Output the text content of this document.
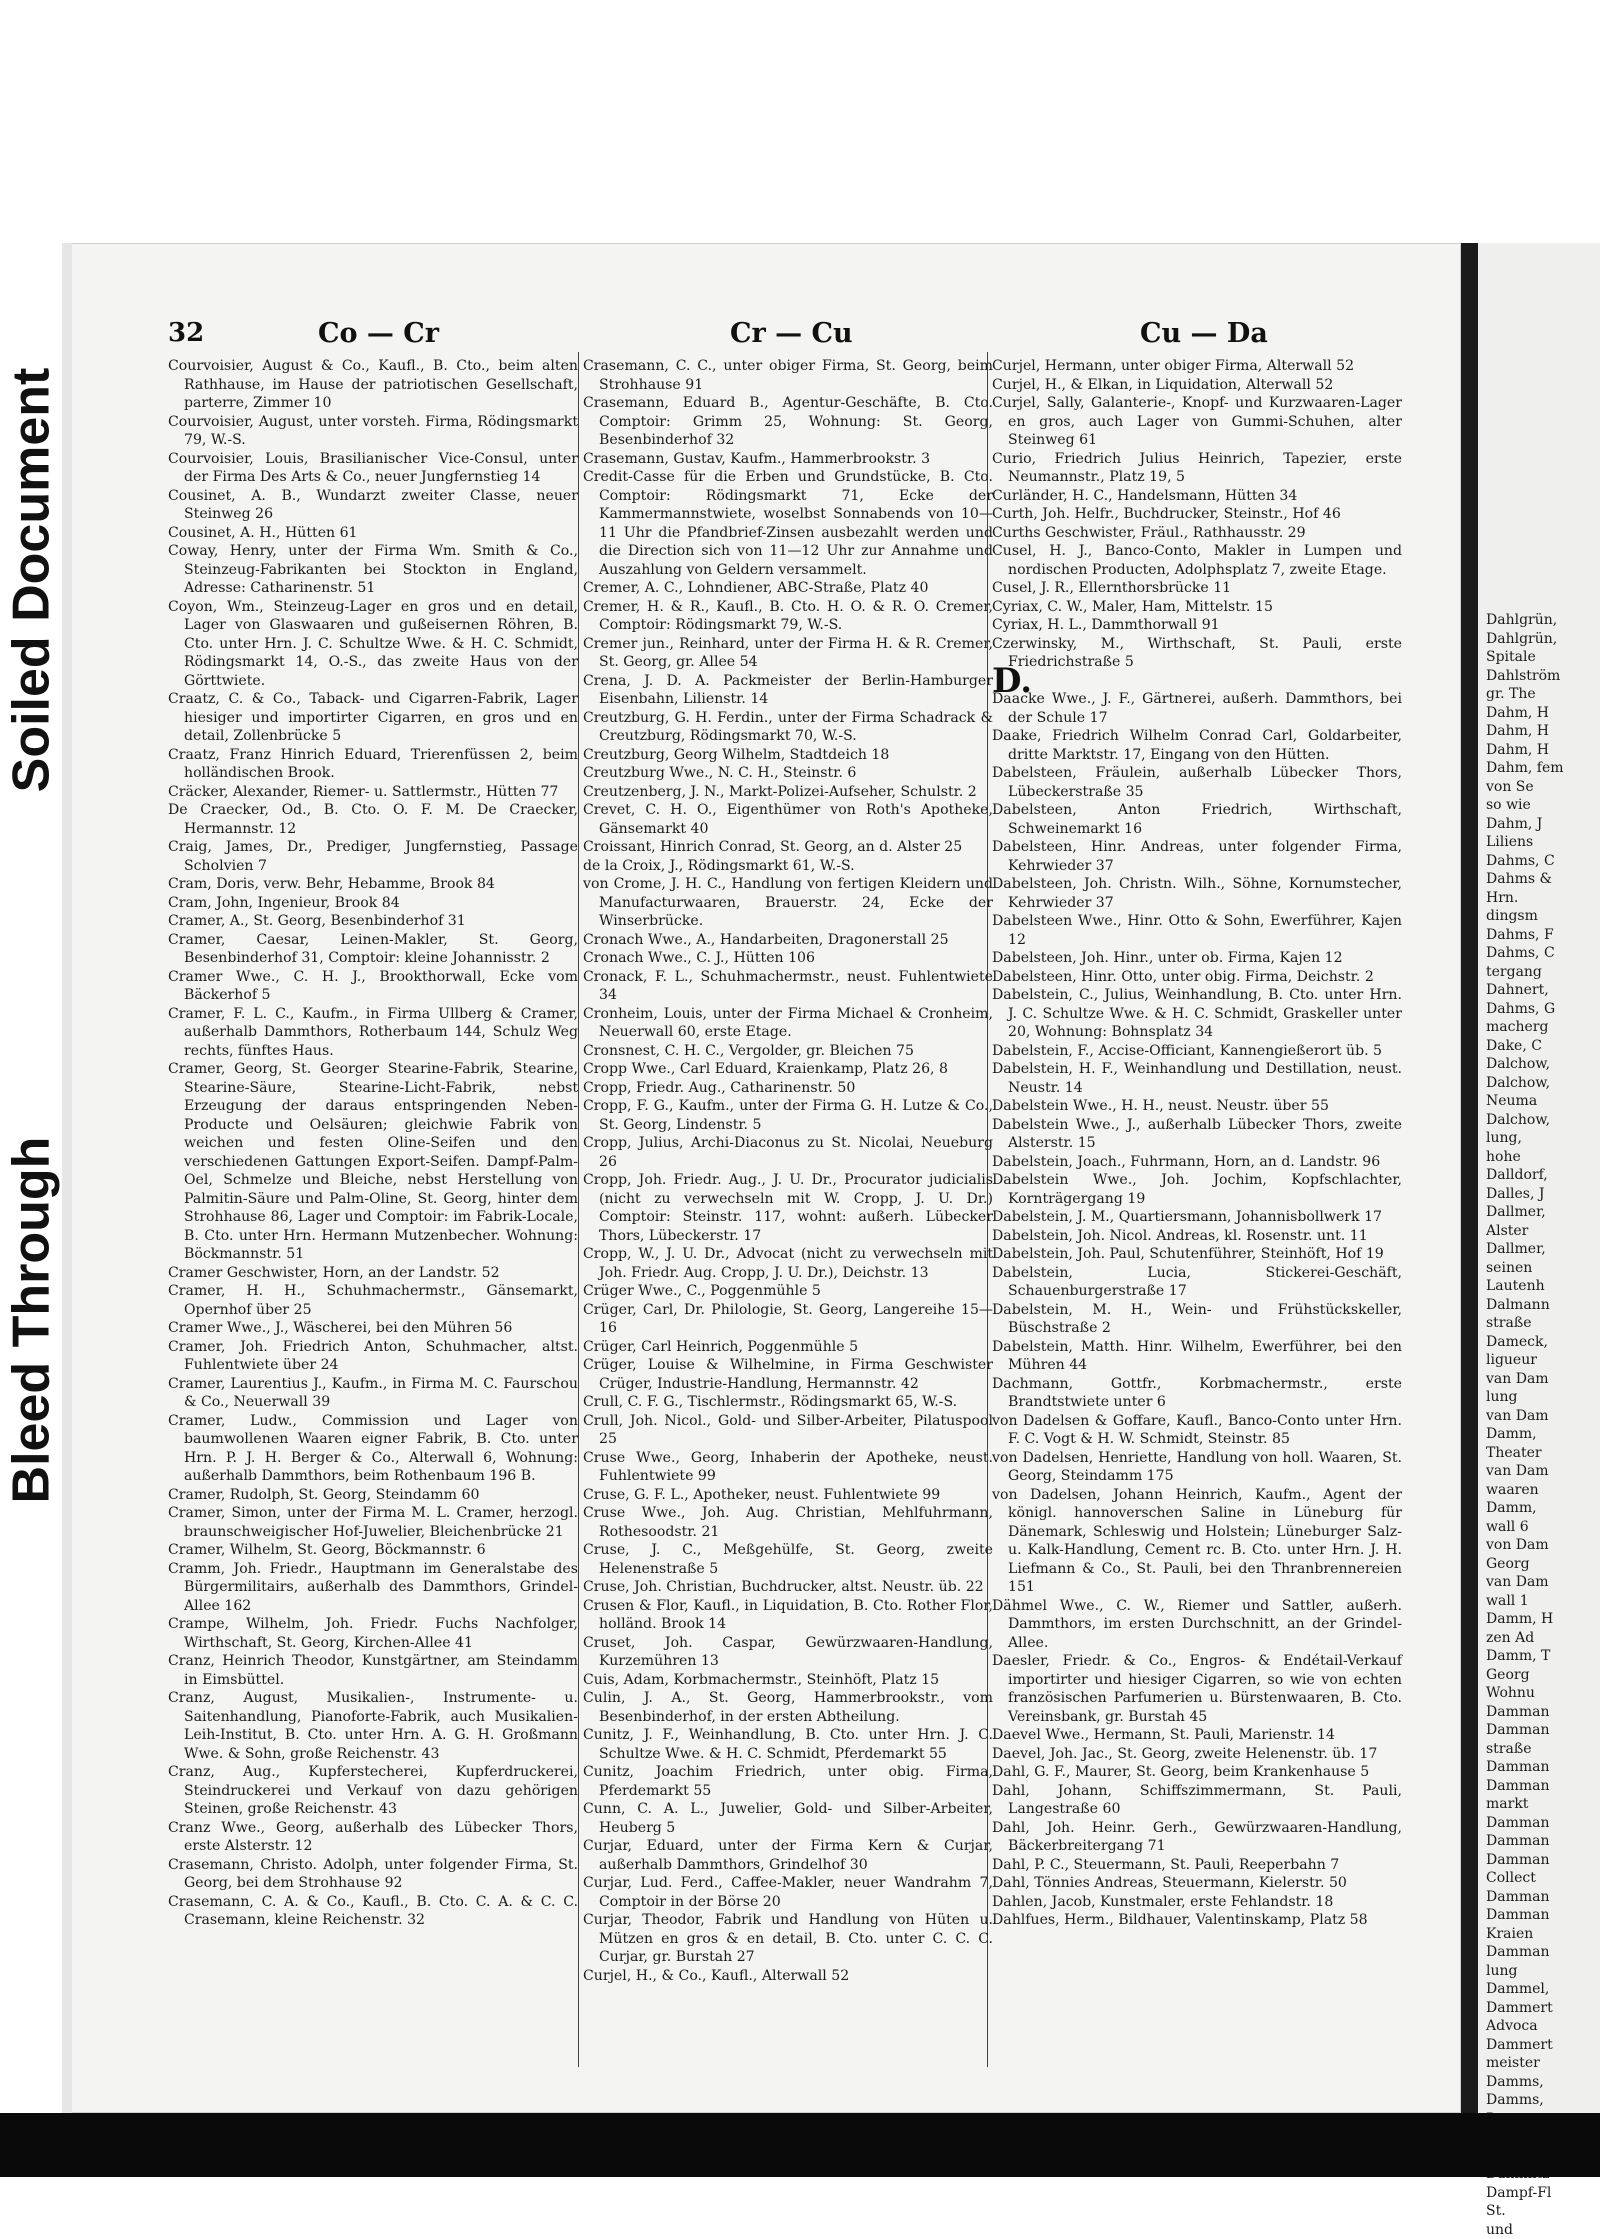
Soiled Document
Bleed Through
Dahlgrün,
Dahlgrün,
Spitale
Dahlström
gr. The
Dahm, H
Dahm, H
Dahm, H
Dahm, fem
von Se
so wie
Dahm, J
Liliens
Dahms, C
Dahms &
Hrn.
dingsm
Dahms, F
Dahms, C
tergang
Dahnert,
Dahms, G
macherg
Dake, C
Dalchow,
Dalchow,
Neuma
Dalchow,
lung,
hohe
Dalldorf,
Dalles, J
Dallmer,
Alster
Dallmer,
seinen
Lautenh
Dalmann
straße
Dameck,
ligueur
van Dam
lung
van Dam
Damm,
Theater
van Dam
waaren
Damm,
wall 6
von Dam
Georg
van Dam
wall 1
Damm, H
zen Ad
Damm, T
Georg
Wohnu
Damman
Damman
straße
Damman
Damman
markt
Damman
Damman
Damman
Collect
Damman
Damman
Kraien
Damman
lung
Dammel,
Dammert
Advoca
Dammert
meister
Damms,
Damms,
Dampf-Fl
St.
und
32	Co — Cr	Cr — Cu	Cu — Da

Courvoisier, August & Co., Kaufl., B. Cto., beim alten Rathhause, im Hause der patriotischen Gesellschaft, parterre, Zimmer 10

Courvoisier, August, unter vorsteh. Firma, Rödingsmarkt 79, W.-S.

Courvoisier, Louis, Brasilianischer Vice-Consul, unter der Firma Des Arts & Co., neuer Jungfernstieg 14

Cousinet, A. B., Wundarzt zweiter Classe, neuer Steinweg 26

Cousinet, A. H., Hütten 61

Coway, Henry, unter der Firma Wm. Smith & Co., Steinzeug-Fabrikanten bei Stockton in England, Adresse: Catharinenstr. 51

Coyon, Wm., Steinzeug-Lager en gros und en detail, Lager von Glaswaaren und gußeisernen Röhren, B. Cto. unter Hrn. J. C. Schultze Wwe. & H. C. Schmidt, Rödingsmarkt 14, O.-S., das zweite Haus von der Görttwiete.

Craatz, C. & Co., Taback- und Cigarren-Fabrik, Lager hiesiger und importirter Cigarren, en gros und en detail, Zollenbrücke 5

Craatz, Franz Hinrich Eduard, Trierenfüssen 2, beim holländischen Brook.

Cräcker, Alexander, Riemer- u. Sattlermstr., Hütten 77

De Craecker, Od., B. Cto. O. F. M. De Craecker, Hermannstr. 12

Craig, James, Dr., Prediger, Jungfernstieg, Passage Scholvien 7

Cram, Doris, verw. Behr, Hebamme, Brook 84

Cram, John, Ingenieur, Brook 84

Cramer, A., St. Georg, Besenbinderhof 31

Cramer, Caesar, Leinen-Makler, St. Georg, Besenbinderhof 31, Comptoir: kleine Johannisstr. 2

Cramer Wwe., C. H. J., Brookthorwall, Ecke vom Bäckerhof 5

Cramer, F. L. C., Kaufm., in Firma Ullberg & Cramer, außerhalb Dammthors, Rotherbaum 144, Schulz Weg rechts, fünftes Haus.

Cramer, Georg, St. Georger Stearine-Fabrik, Stearine, Stearine-Säure, Stearine-Licht-Fabrik, nebst Erzeugung der daraus entspringenden Neben-Producte und Oelsäuren; gleichwie Fabrik von weichen und festen Oline-Seifen und den verschiedenen Gattungen Export-Seifen. Dampf-Palm-Oel, Schmelze und Bleiche, nebst Herstellung von Palmitin-Säure und Palm-Oline, St. Georg, hinter dem Strohhause 86, Lager und Comptoir: im Fabrik-Locale, B. Cto. unter Hrn. Hermann Mutzenbecher. Wohnung: Böckmannstr. 51

Cramer Geschwister, Horn, an der Landstr. 52

Cramer, H. H., Schuhmachermstr., Gänsemarkt, Opernhof über 25

Cramer Wwe., J., Wäscherei, bei den Mühren 56

Cramer, Joh. Friedrich Anton, Schuhmacher, altst. Fuhlentwiete über 24

Cramer, Laurentius J., Kaufm., in Firma M. C. Faurschou & Co., Neuerwall 39

Cramer, Ludw., Commission und Lager von baumwollenen Waaren eigner Fabrik, B. Cto. unter Hrn. P. J. H. Berger & Co., Alterwall 6, Wohnung: außerhalb Dammthors, beim Rothenbaum 196 B.

Cramer, Rudolph, St. Georg, Steindamm 60

Cramer, Simon, unter der Firma M. L. Cramer, herzogl. braunschweigischer Hof-Juwelier, Bleichenbrücke 21

Cramer, Wilhelm, St. Georg, Böckmannstr. 6

Cramm, Joh. Friedr., Hauptmann im Generalstabe des Bürgermilitairs, außerhalb des Dammthors, Grindel-Allee 162

Crampe, Wilhelm, Joh. Friedr. Fuchs Nachfolger, Wirthschaft, St. Georg, Kirchen-Allee 41

Cranz, Heinrich Theodor, Kunstgärtner, am Steindamm in Eimsbüttel.

Cranz, August, Musikalien-, Instrumente- u. Saitenhandlung, Pianoforte-Fabrik, auch Musikalien-Leih-Institut, B. Cto. unter Hrn. A. G. H. Großmann Wwe. & Sohn, große Reichenstr. 43

Cranz, Aug., Kupferstecherei, Kupferdruckerei, Steindruckerei und Verkauf von dazu gehörigen Steinen, große Reichenstr. 43

Cranz Wwe., Georg, außerhalb des Lübecker Thors, erste Alsterstr. 12

Crasemann, Christo. Adolph, unter folgender Firma, St. Georg, bei dem Strohhause 92

Crasemann, C. A. & Co., Kaufl., B. Cto. C. A. & C. C. Crasemann, kleine Reichenstr. 32

Crasemann, C. C., unter obiger Firma, St. Georg, beim Strohhause 91

Crasemann, Eduard B., Agentur-Geschäfte, B. Cto. Comptoir: Grimm 25, Wohnung: St. Georg, Besenbinderhof 32

Crasemann, Gustav, Kaufm., Hammerbrookstr. 3

Credit-Casse für die Erben und Grundstücke, B. Cto. Comptoir: Rödingsmarkt 71, Ecke der Kammermannstwiete, woselbst Sonnabends von 10—11 Uhr die Pfandbrief-Zinsen ausbezahlt werden und die Direction sich von 11—12 Uhr zur Annahme und Auszahlung von Geldern versammelt.

Cremer, A. C., Lohndiener, ABC-Straße, Platz 40

Cremer, H. & R., Kaufl., B. Cto. H. O. & R. O. Cremer, Comptoir: Rödingsmarkt 79, W.-S.

Cremer jun., Reinhard, unter der Firma H. & R. Cremer, St. Georg, gr. Allee 54

Crena, J. D. A. Packmeister der Berlin-Hamburger Eisenbahn, Lilienstr. 14

Creutzburg, G. H. Ferdin., unter der Firma Schadrack & Creutzburg, Rödingsmarkt 70, W.-S.

Creutzburg, Georg Wilhelm, Stadtdeich 18

Creutzburg Wwe., N. C. H., Steinstr. 6

Creutzenberg, J. N., Markt-Polizei-Aufseher, Schulstr. 2

Crevet, C. H. O., Eigenthümer von Roth's Apotheke, Gänsemarkt 40

Croissant, Hinrich Conrad, St. Georg, an d. Alster 25

de la Croix, J., Rödingsmarkt 61, W.-S.

von Crome, J. H. C., Handlung von fertigen Kleidern und Manufacturwaaren, Brauerstr. 24, Ecke der Winserbrücke.

Cronach Wwe., A., Handarbeiten, Dragonerstall 25

Cronach Wwe., C. J., Hütten 106

Cronack, F. L., Schuhmachermstr., neust. Fuhlentwiete 34

Cronheim, Louis, unter der Firma Michael & Cronheim, Neuerwall 60, erste Etage.

Cronsnest, C. H. C., Vergolder, gr. Bleichen 75

Cropp Wwe., Carl Eduard, Kraienkamp, Platz 26, 8

Cropp, Friedr. Aug., Catharinenstr. 50

Cropp, F. G., Kaufm., unter der Firma G. H. Lutze & Co., St. Georg, Lindenstr. 5

Cropp, Julius, Archi-Diaconus zu St. Nicolai, Neueburg 26

Cropp, Joh. Friedr. Aug., J. U. Dr., Procurator judicialis (nicht zu verwechseln mit W. Cropp, J. U. Dr.) Comptoir: Steinstr. 117, wohnt: außerh. Lübecker Thors, Lübeckerstr. 17

Cropp, W., J. U. Dr., Advocat (nicht zu verwechseln mit Joh. Friedr. Aug. Cropp, J. U. Dr.), Deichstr. 13

Crüger Wwe., C., Poggenmühle 5

Crüger, Carl, Dr. Philologie, St. Georg, Langereihe 15—16

Crüger, Carl Heinrich, Poggenmühle 5

Crüger, Louise & Wilhelmine, in Firma Geschwister Crüger, Industrie-Handlung, Hermannstr. 42

Crull, C. F. G., Tischlermstr., Rödingsmarkt 65, W.-S.

Crull, Joh. Nicol., Gold- und Silber-Arbeiter, Pilatuspool 25

Cruse Wwe., Georg, Inhaberin der Apotheke, neust. Fuhlentwiete 99

Cruse, G. F. L., Apotheker, neust. Fuhlentwiete 99

Cruse Wwe., Joh. Aug. Christian, Mehlfuhrmann, Rothesoodstr. 21

Cruse, J. C., Meßgehülfe, St. Georg, zweite Helenenstraße 5

Cruse, Joh. Christian, Buchdrucker, altst. Neustr. üb. 22

Crusen & Flor, Kaufl., in Liquidation, B. Cto. Rother Flor, holländ. Brook 14

Cruset, Joh. Caspar, Gewürzwaaren-Handlung, Kurzemühren 13

Cuis, Adam, Korbmachermstr., Steinhöft, Platz 15

Culin, J. A., St. Georg, Hammerbrookstr., vom Besenbinderhof, in der ersten Abtheilung.

Cunitz, J. F., Weinhandlung, B. Cto. unter Hrn. J. C. Schultze Wwe. & H. C. Schmidt, Pferdemarkt 55

Cunitz, Joachim Friedrich, unter obig. Firma, Pferdemarkt 55

Cunn, C. A. L., Juwelier, Gold- und Silber-Arbeiter, Heuberg 5

Curjar, Eduard, unter der Firma Kern & Curjar, außerhalb Dammthors, Grindelhof 30

Curjar, Lud. Ferd., Caffee-Makler, neuer Wandrahm 7, Comptoir in der Börse 20

Curjar, Theodor, Fabrik und Handlung von Hüten u. Mützen en gros & en detail, B. Cto. unter C. C. C. Curjar, gr. Burstah 27

Curjel, H., & Co., Kaufl., Alterwall 52

Curjel, Hermann, unter obiger Firma, Alterwall 52

Curjel, H., & Elkan, in Liquidation, Alterwall 52

Curjel, Sally, Galanterie-, Knopf- und Kurzwaaren-Lager en gros, auch Lager von Gummi-Schuhen, alter Steinweg 61

Curio, Friedrich Julius Heinrich, Tapezier, erste Neumannstr., Platz 19, 5

Curländer, H. C., Handelsmann, Hütten 34

Curth, Joh. Helfr., Buchdrucker, Steinstr., Hof 46

Curths Geschwister, Fräul., Rathhausstr. 29

Cusel, H. J., Banco-Conto, Makler in Lumpen und nordischen Producten, Adolphsplatz 7, zweite Etage.

Cusel, J. R., Ellernthorsbrücke 11

Cyriax, C. W., Maler, Ham, Mittelstr. 15

Cyriax, H. L., Dammthorwall 91

Czerwinsky, M., Wirthschaft, St. Pauli, erste Friedrichstraße 5

D.

Daacke Wwe., J. F., Gärtnerei, außerh. Dammthors, bei der Schule 17

Daake, Friedrich Wilhelm Conrad Carl, Goldarbeiter, dritte Marktstr. 17, Eingang von den Hütten.

Dabelsteen, Fräulein, außerhalb Lübecker Thors, Lübeckerstraße 35

Dabelsteen, Anton Friedrich, Wirthschaft, Schweinemarkt 16

Dabelsteen, Hinr. Andreas, unter folgender Firma, Kehrwieder 37

Dabelsteen, Joh. Christn. Wilh., Söhne, Kornumstecher, Kehrwieder 37

Dabelsteen Wwe., Hinr. Otto & Sohn, Ewerführer, Kajen 12

Dabelsteen, Joh. Hinr., unter ob. Firma, Kajen 12

Dabelsteen, Hinr. Otto, unter obig. Firma, Deichstr. 2

Dabelstein, C., Julius, Weinhandlung, B. Cto. unter Hrn. J. C. Schultze Wwe. & H. C. Schmidt, Graskeller unter 20, Wohnung: Bohnsplatz 34

Dabelstein, F., Accise-Officiant, Kannengießerort üb. 5

Dabelstein, H. F., Weinhandlung und Destillation, neust. Neustr. 14

Dabelstein Wwe., H. H., neust. Neustr. über 55

Dabelstein Wwe., J., außerhalb Lübecker Thors, zweite Alsterstr. 15

Dabelstein, Joach., Fuhrmann, Horn, an d. Landstr. 96

Dabelstein Wwe., Joh. Jochim, Kopfschlachter, Kornträgergang 19

Dabelstein, J. M., Quartiersmann, Johannisbollwerk 17

Dabelstein, Joh. Nicol. Andreas, kl. Rosenstr. unt. 11

Dabelstein, Joh. Paul, Schutenführer, Steinhöft, Hof 19

Dabelstein, Lucia, Stickerei-Geschäft, Schauenburgerstraße 17

Dabelstein, M. H., Wein- und Frühstückskeller, Büschstraße 2

Dabelstein, Matth. Hinr. Wilhelm, Ewerführer, bei den Mühren 44

Dachmann, Gottfr., Korbmachermstr., erste Brandtstwiete unter 6

von Dadelsen & Goffare, Kaufl., Banco-Conto unter Hrn. F. C. Vogt & H. W. Schmidt, Steinstr. 85

von Dadelsen, Henriette, Handlung von holl. Waaren, St. Georg, Steindamm 175

von Dadelsen, Johann Heinrich, Kaufm., Agent der königl. hannoverschen Saline in Lüneburg für Dänemark, Schleswig und Holstein; Lüneburger Salz- u. Kalk-Handlung, Cement rc. B. Cto. unter Hrn. J. H. Liefmann & Co., St. Pauli, bei den Thranbrennereien 151

Dähmel Wwe., C. W., Riemer und Sattler, außerh. Dammthors, im ersten Durchschnitt, an der Grindel-Allee.

Daesler, Friedr. & Co., Engros- & Endétail-Verkauf importirter und hiesiger Cigarren, so wie von echten französischen Parfumerien u. Bürstenwaaren, B. Cto. Vereinsbank, gr. Burstah 45

Daevel Wwe., Hermann, St. Pauli, Marienstr. 14

Daevel, Joh. Jac., St. Georg, zweite Helenenstr. üb. 17

Dahl, G. F., Maurer, St. Georg, beim Krankenhause 5

Dahl, Johann, Schiffszimmermann, St. Pauli, Langestraße 60

Dahl, Joh. Heinr. Gerh., Gewürzwaaren-Handlung, Bäckerbreitergang 71

Dahl, P. C., Steuermann, St. Pauli, Reeperbahn 7

Dahl, Tönnies Andreas, Steuermann, Kielerstr. 50

Dahlen, Jacob, Kunstmaler, erste Fehlandstr. 18

Dahlfues, Herm., Bildhauer, Valentinskamp, Platz 58
